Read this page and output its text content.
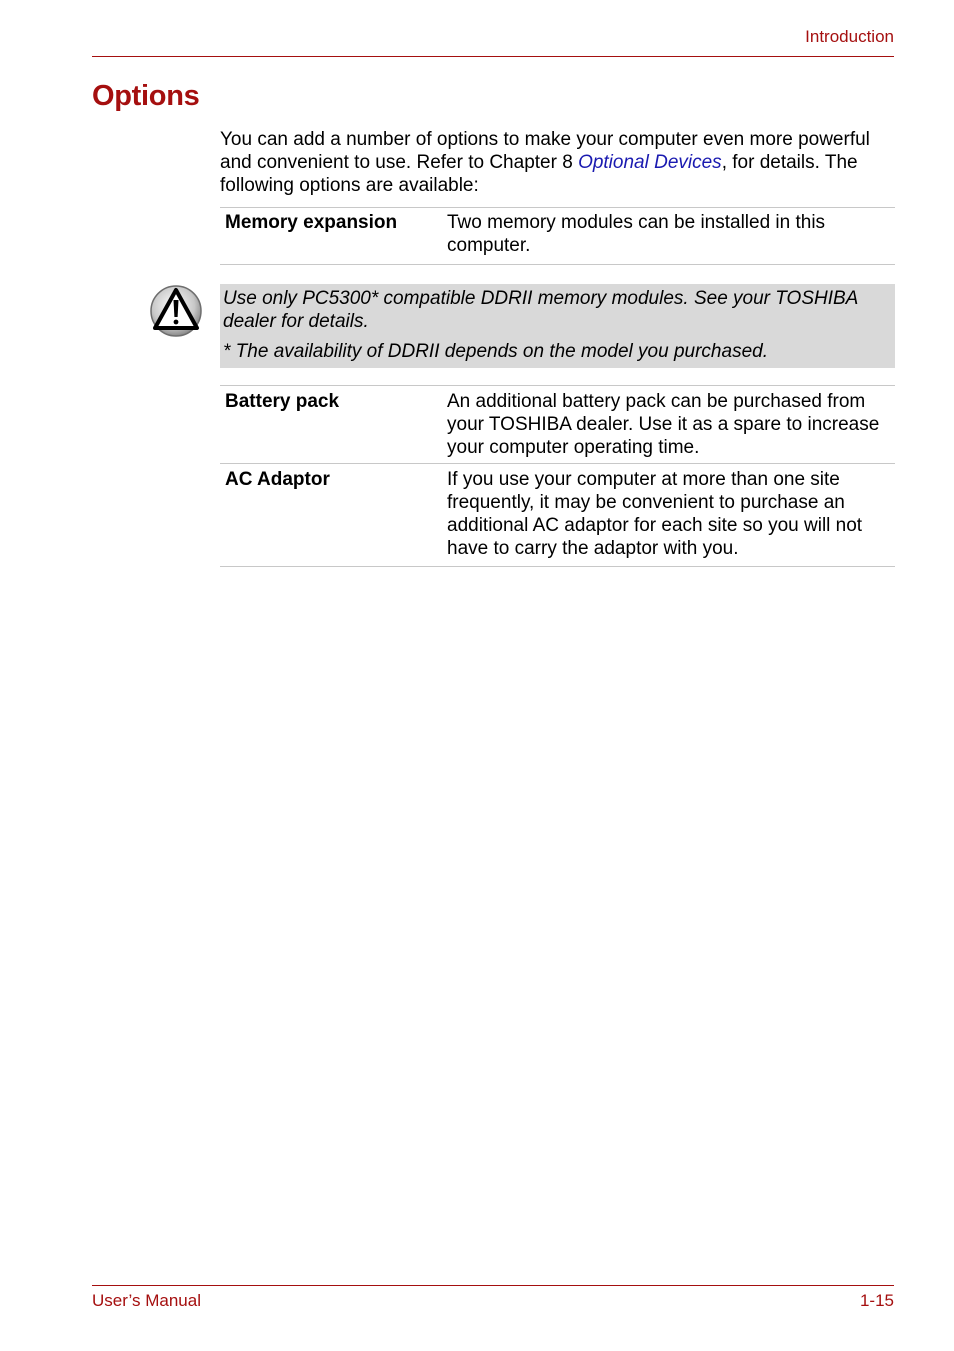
Introduction
Options

You can add a number of options to make your computer even more powerful and convenient to use. Refer to Chapter 8 Optional Devices, for details. The following options are available:

Memory expansion	Two memory modules can be installed in this computer.

Use only PC5300* compatible DDRII memory modules. See your TOSHIBA dealer for details.

* The availability of DDRII depends on the model you purchased.

Battery pack	An additional battery pack can be purchased from your TOSHIBA dealer. Use it as a spare to increase your computer operating time.
AC Adaptor	If you use your computer at more than one site frequently, it may be convenient to purchase an additional AC adaptor for each site so you will not have to carry the adaptor with you.
User’s Manual	1-15
